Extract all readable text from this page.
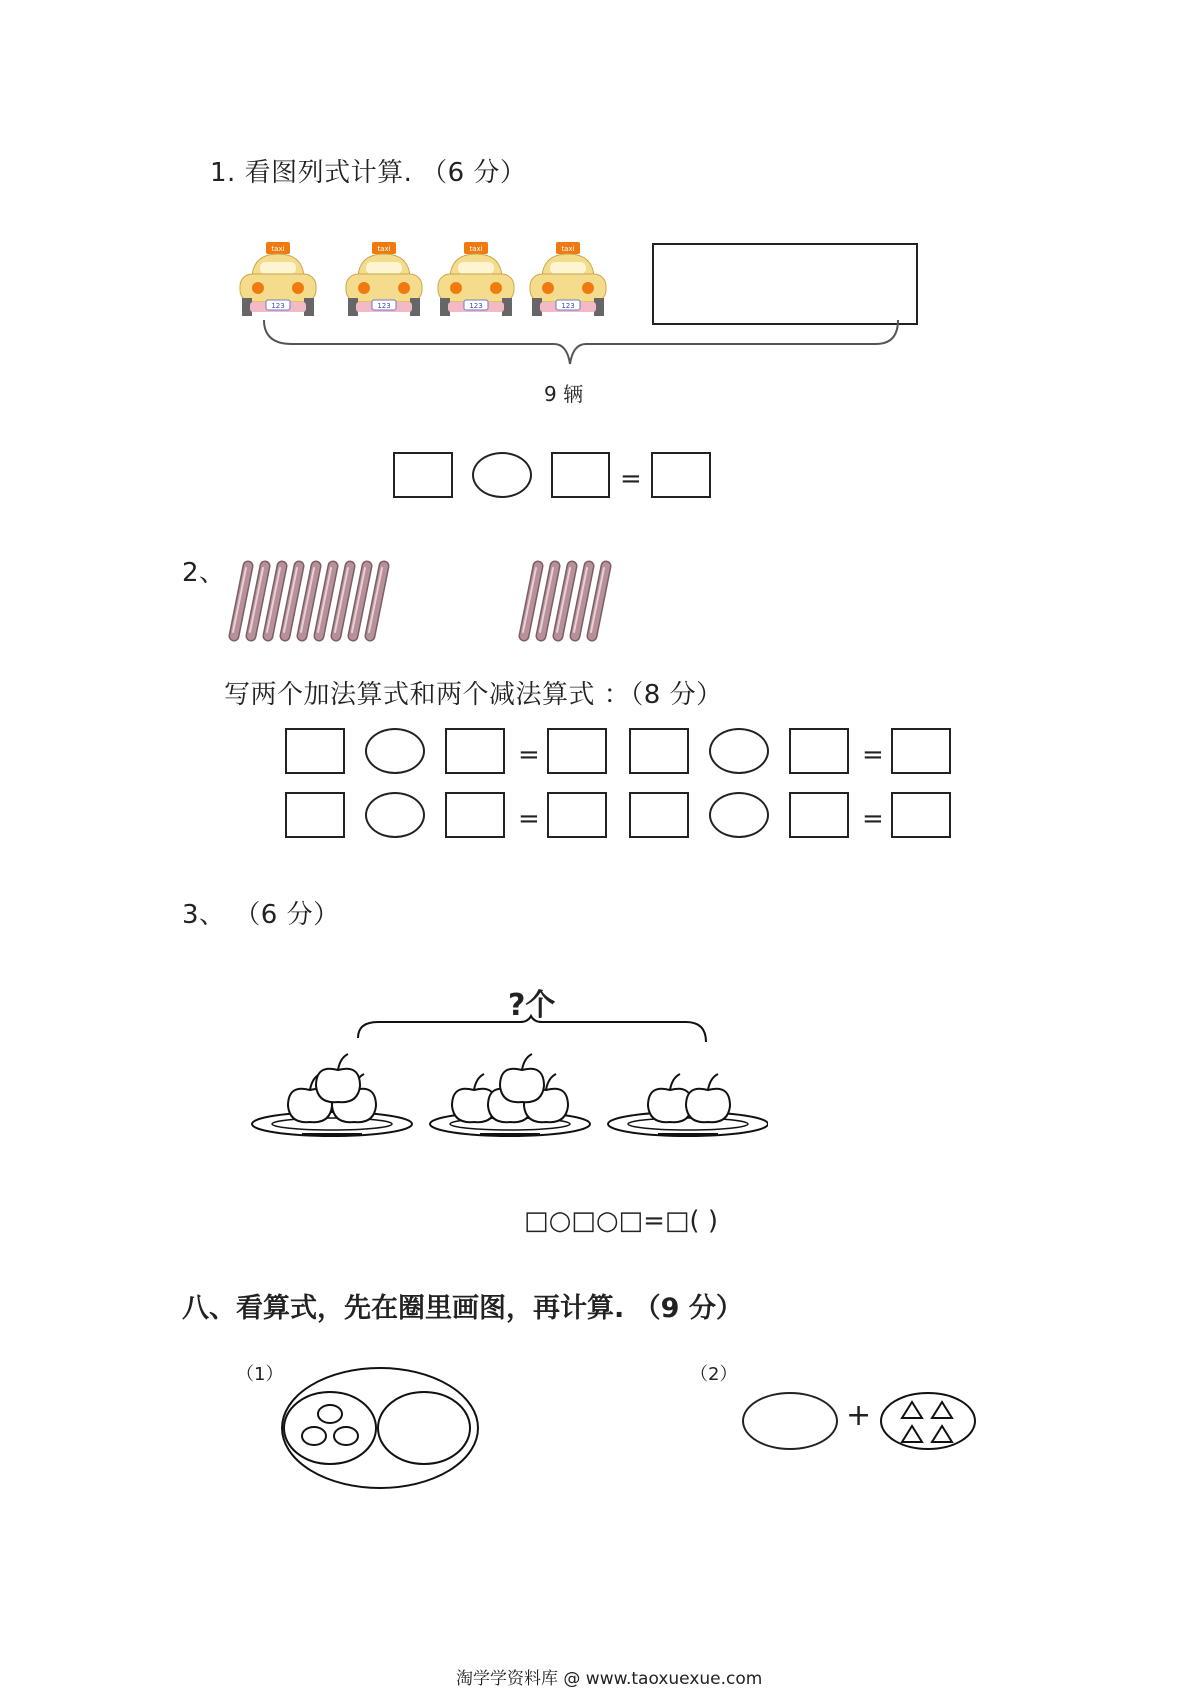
1. 看图列式计算. （6 分）
taxi
123
taxi
123
taxi
123
taxi
123
9 辆
=
2、
写两个加法算式和两个减法算式 ：（8 分）
=	=
=	=
3、 （6 分）
?个
□○□○□=□( )
八、看算式，先在圈里画图，再计算. （9 分）
（1）	（2）
+
淘学学资料库 @ www.taoxuexue.com
